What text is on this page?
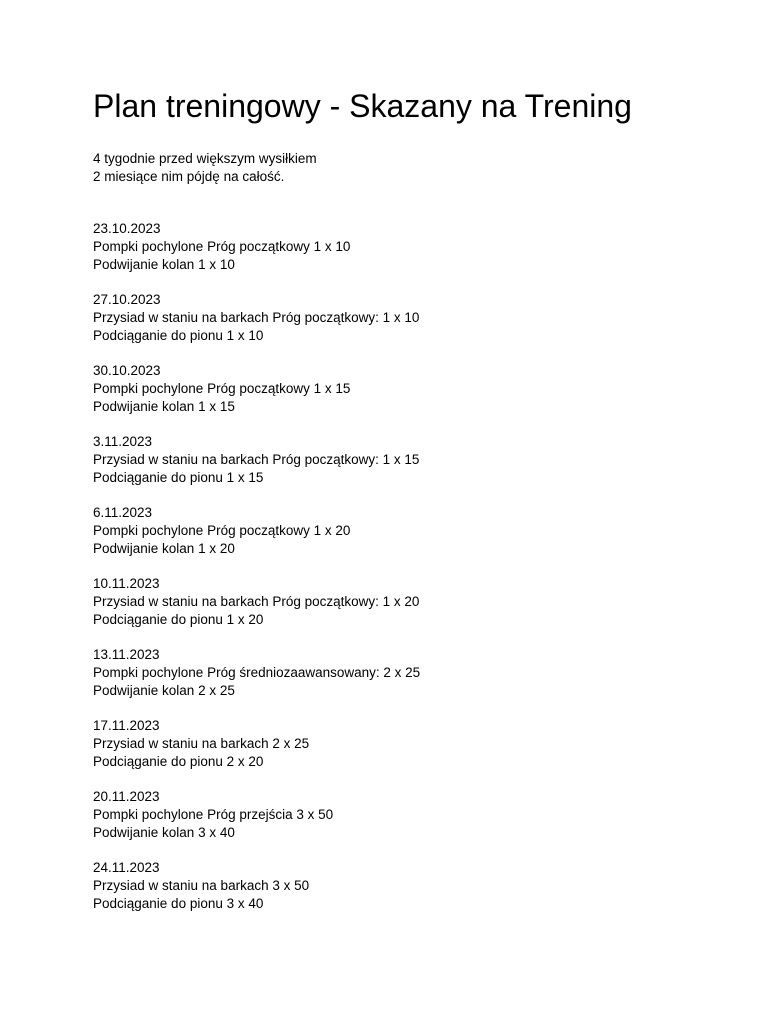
Plan treningowy - Skazany na Trening
4 tygodnie przed większym wysiłkiem
2 miesiące nim pójdę na całość.
23.10.2023
Pompki pochylone Próg początkowy 1 x 10
Podwijanie kolan 1 x 10
27.10.2023
Przysiad w staniu na barkach Próg początkowy: 1 x 10
Podciąganie do pionu 1 x 10
30.10.2023
Pompki pochylone Próg początkowy 1 x 15
Podwijanie kolan 1 x 15
3.11.2023
Przysiad w staniu na barkach Próg początkowy: 1 x 15
Podciąganie do pionu 1 x 15
6.11.2023
Pompki pochylone Próg początkowy 1 x 20
Podwijanie kolan 1 x 20
10.11.2023
Przysiad w staniu na barkach Próg początkowy: 1 x 20
Podciąganie do pionu 1 x 20
13.11.2023
Pompki pochylone Próg średniozaawansowany: 2 x 25
Podwijanie kolan 2 x 25
17.11.2023
Przysiad w staniu na barkach 2 x 25
Podciąganie do pionu 2 x 20
20.11.2023
Pompki pochylone Próg przejścia 3 x 50
Podwijanie kolan 3 x 40
24.11.2023
Przysiad w staniu na barkach 3 x 50
Podciąganie do pionu 3 x 40
